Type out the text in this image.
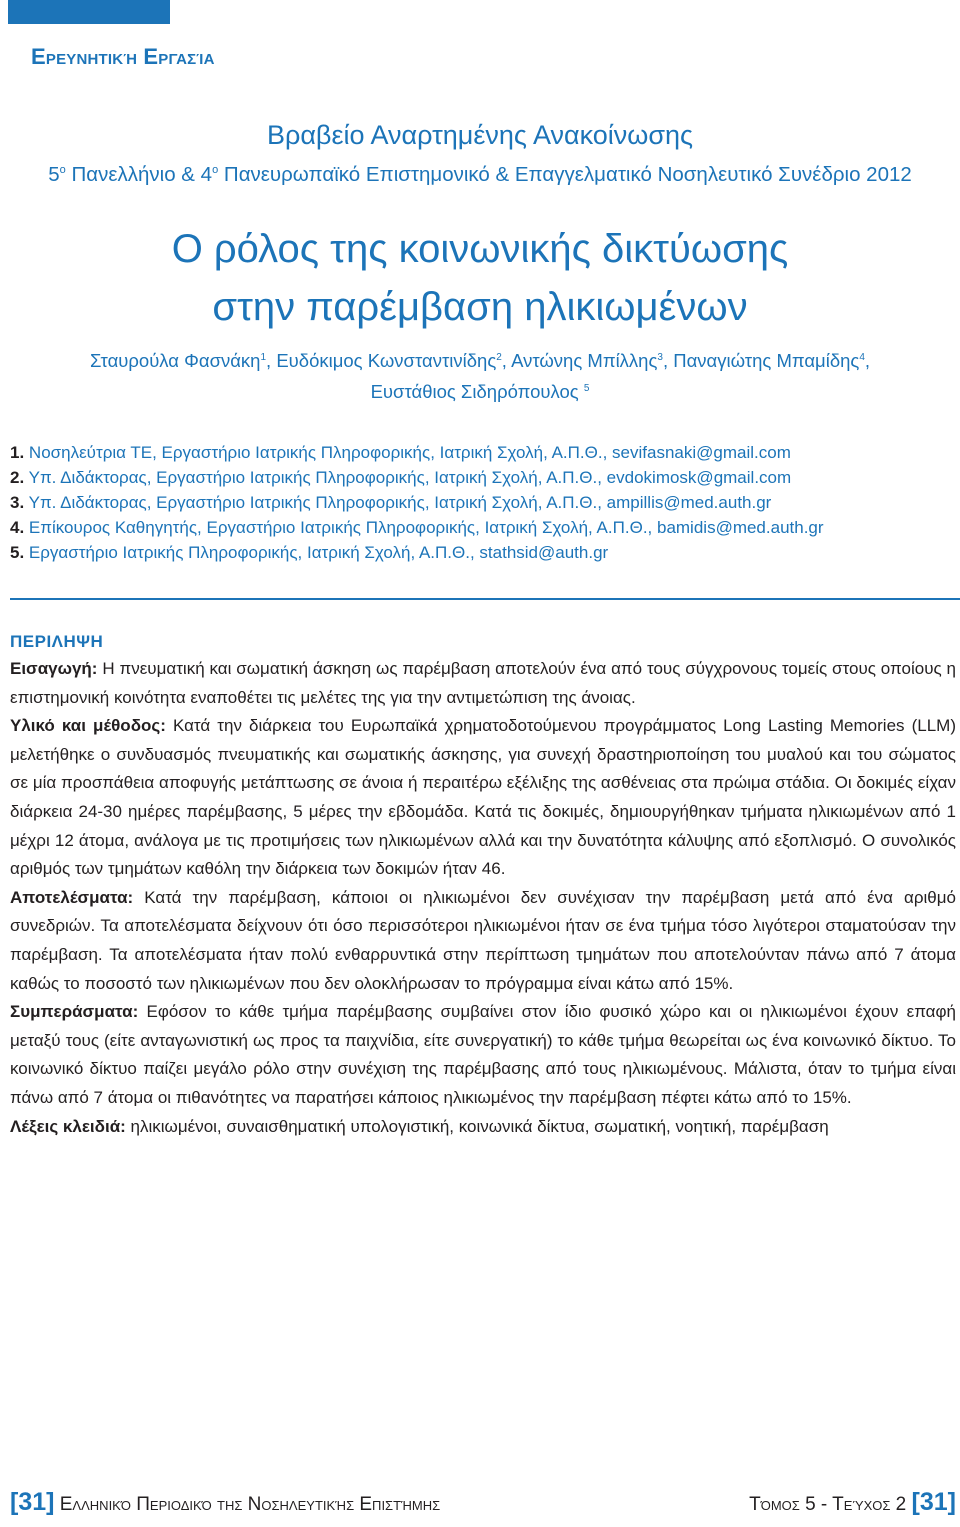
Ερευνητική Εργασία
Βραβείο Αναρτημένης Ανακοίνωσης
$5^o$ Πανελλήνιο & $4^o$ Πανευρωπαϊκό Επιστημονικό & Επαγγελματικό Νοσηλευτικό Συνέδριο 2012
Ο ρόλος της κοινωνικής δικτύωσης
στην παρέμβαση ηλικιωμένων
Σταυρούλα Φασνάκη$^1$, Ευδόκιμος Κωνσταντινίδης$^2$, Αντώνης Μπίλλης$^3$, Παναγιώτης Μπαμίδης$^4$,
Ευστάθιος Σιδηρόπουλος $^5$
1. Νοσηλεύτρια ΤΕ, Εργαστήριο Ιατρικής Πληροφορικής, Ιατρική Σχολή, Α.Π.Θ., sevifasnaki@gmail.com
2. Υπ. Διδάκτορας, Εργαστήριο Ιατρικής Πληροφορικής, Ιατρική Σχολή, Α.Π.Θ., evdokimosk@gmail.com
3. Υπ. Διδάκτορας, Εργαστήριο Ιατρικής Πληροφορικής, Ιατρική Σχολή, Α.Π.Θ., ampillis@med.auth.gr
4. Επίκουρος Καθηγητής, Εργαστήριο Ιατρικής Πληροφορικής, Ιατρική Σχολή, Α.Π.Θ., bamidis@med.auth.gr
5. Εργαστήριο Ιατρικής Πληροφορικής, Ιατρική Σχολή, Α.Π.Θ., stathsid@auth.gr
ΠΕΡΙΛΗΨΗ

Εισαγωγή: Η πνευματική και σωματική άσκηση ως παρέμβαση αποτελούν ένα από τους σύγχρονους τομείς στους οποίους η επιστημονική κοινότητα εναποθέτει τις μελέτες της για την αντιμετώπιση της άνοιας.

Υλικό και μέθοδος: Κατά την διάρκεια του Ευρωπαϊκά χρηματοδοτούμενου προγράμματος Long Lasting Memories (LLM) μελετήθηκε ο συνδυασμός πνευματικής και σωματικής άσκησης, για συνεχή δραστηριοποίηση του μυαλού και του σώματος σε μία προσπάθεια αποφυγής μετάπτωσης σε άνοια ή περαιτέρω εξέλιξης της ασθένειας στα πρώιμα στάδια. Οι δοκιμές είχαν διάρκεια 24-30 ημέρες παρέμβασης, 5 μέρες την εβδομάδα. Κατά τις δοκιμές, δημιουργήθηκαν τμήματα ηλικιωμένων από 1 μέχρι 12 άτομα, ανάλογα με τις προτιμήσεις των ηλικιωμένων αλλά και την δυνατότητα κάλυψης από εξοπλισμό. Ο συνολικός αριθμός των τμημάτων καθόλη την διάρκεια των δοκιμών ήταν 46.

Αποτελέσματα: Κατά την παρέμβαση, κάποιοι οι ηλικιωμένοι δεν συνέχισαν την παρέμβαση μετά από ένα αριθμό συνεδριών. Τα αποτελέσματα δείχνουν ότι όσο περισσότεροι ηλικιωμένοι ήταν σε ένα τμήμα τόσο λιγότεροι σταματούσαν την παρέμβαση. Τα αποτελέσματα ήταν πολύ ενθαρρυντικά στην περίπτωση τμημάτων που αποτελούνταν πάνω από 7 άτομα καθώς το ποσοστό των ηλικιωμένων που δεν ολοκλήρωσαν το πρόγραμμα είναι κάτω από 15%.

Συμπεράσματα: Εφόσον το κάθε τμήμα παρέμβασης συμβαίνει στον ίδιο φυσικό χώρο και οι ηλικιωμένοι έχουν επαφή μεταξύ τους (είτε ανταγωνιστική ως προς τα παιχνίδια, είτε συνεργατική) το κάθε τμήμα θεωρείται ως ένα κοινωνικό δίκτυο. Το κοινωνικό δίκτυο παίζει μεγάλο ρόλο στην συνέχιση της παρέμβασης από τους ηλικιωμένους. Μάλιστα, όταν το τμήμα είναι πάνω από 7 άτομα οι πιθανότητες να παρατήσει κάποιος ηλικιωμένος την παρέμβαση πέφτει κάτω από το 15%.

Λέξεις κλειδιά: ηλικιωμένοι, συναισθηματική υπολογιστική, κοινωνικά δίκτυα, σωματική, νοητική, παρέμβαση

[31] Ελληνικό Περιοδικό της Νοσηλευτικής Επιστήμης	Τόμος 5 - Τεύχος 2 [31]
